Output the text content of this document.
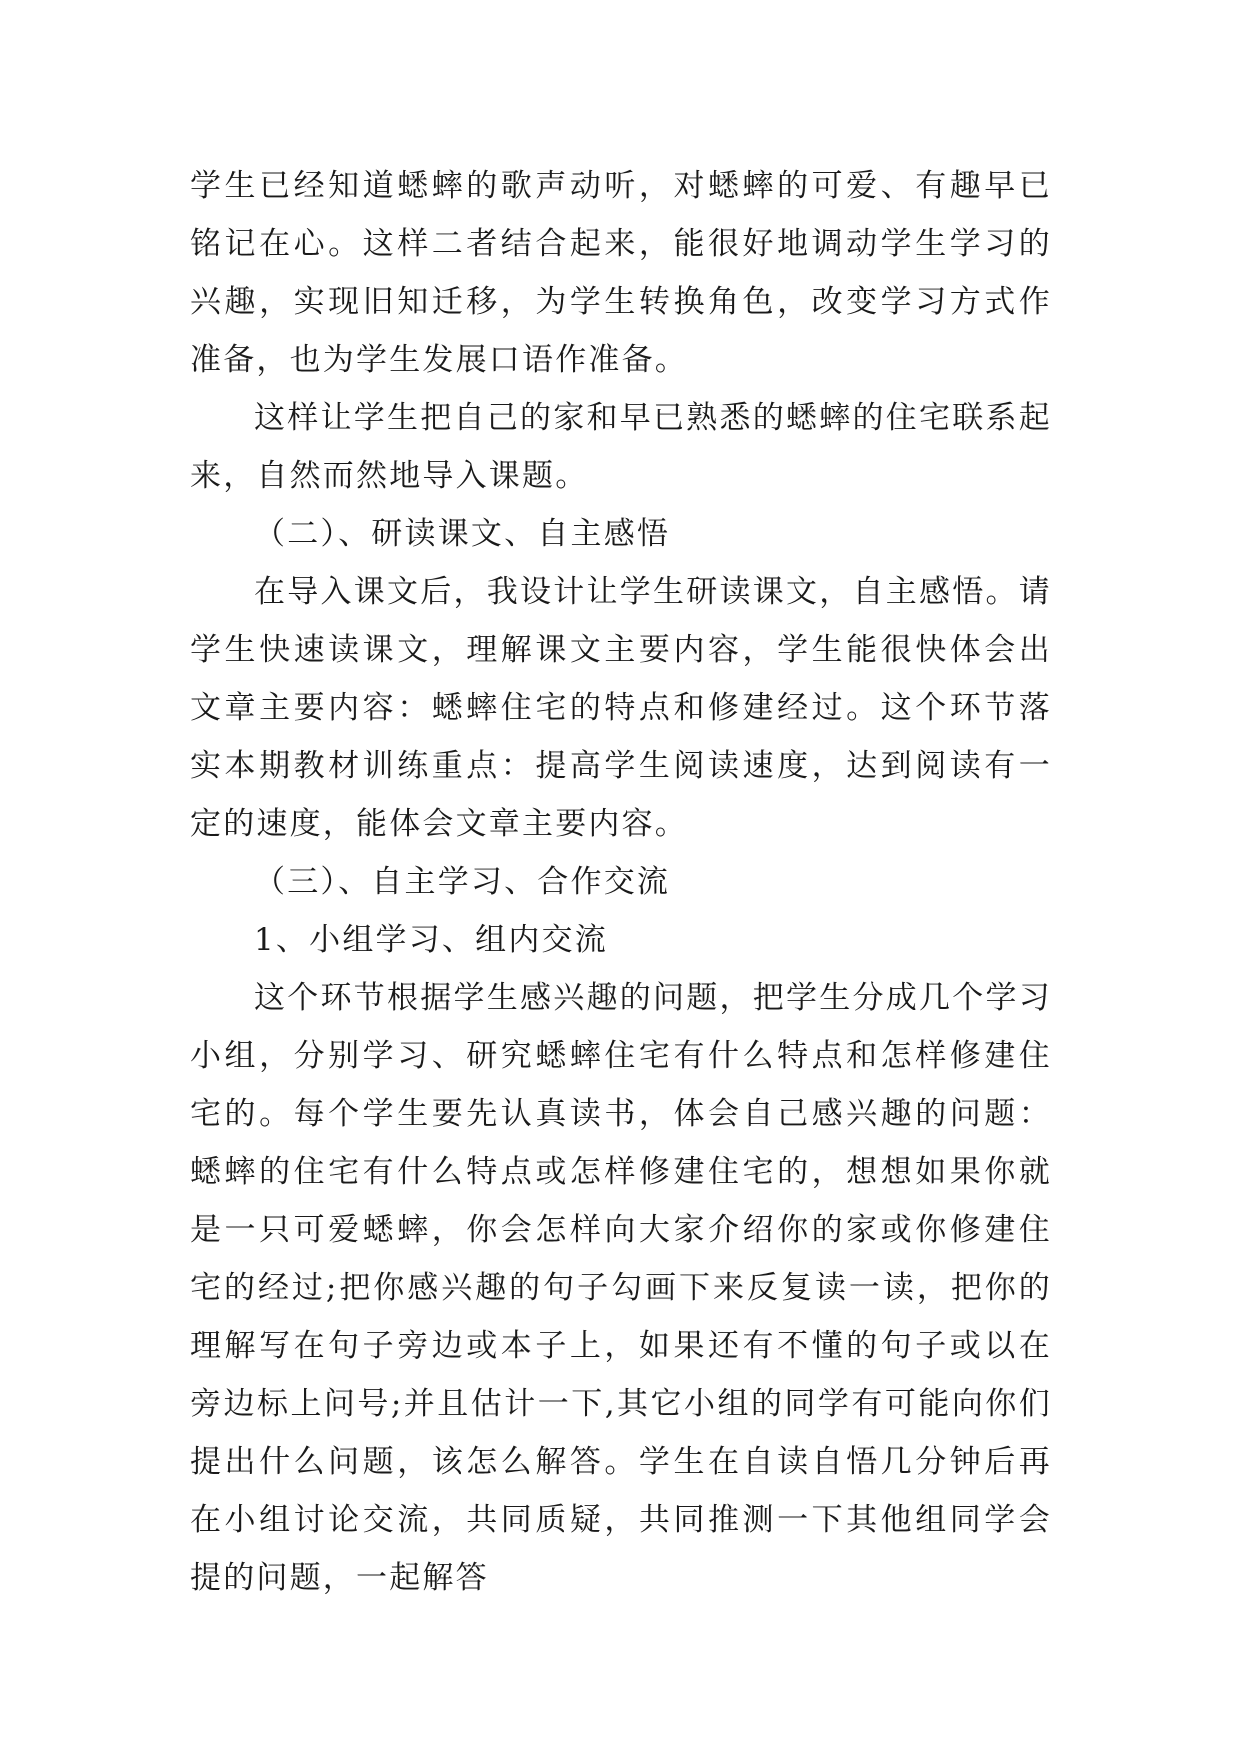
学生已经知道蟋蟀的歌声动听，对蟋蟀的可爱、有趣早已铭记在心。这样二者结合起来，能很好地调动学生学习的兴趣，实现旧知迁移，为学生转换角色，改变学习方式作准备，也为学生发展口语作准备。

这样让学生把自己的家和早已熟悉的蟋蟀的住宅联系起来，自然而然地导入课题。

（二）、研读课文、自主感悟

在导入课文后，我设计让学生研读课文，自主感悟。请学生快速读课文，理解课文主要内容，学生能很快体会出文章主要内容：蟋蟀住宅的特点和修建经过。这个环节落实本期教材训练重点：提高学生阅读速度，达到阅读有一定的速度，能体会文章主要内容。

（三）、自主学习、合作交流

1、小组学习、组内交流

这个环节根据学生感兴趣的问题，把学生分成几个学习小组，分别学习、研究蟋蟀住宅有什么特点和怎样修建住宅的。每个学生要先认真读书，体会自己感兴趣的问题：蟋蟀的住宅有什么特点或怎样修建住宅的，想想如果你就是一只可爱蟋蟀，你会怎样向大家介绍你的家或你修建住宅的经过;把你感兴趣的句子勾画下来反复读一读，把你的理解写在句子旁边或本子上，如果还有不懂的句子或以在旁边标上问号;并且估计一下,其它小组的同学有可能向你们提出什么问题，该怎么解答。学生在自读自悟几分钟后再在小组讨论交流，共同质疑，共同推测一下其他组同学会提的问题，一起解答
